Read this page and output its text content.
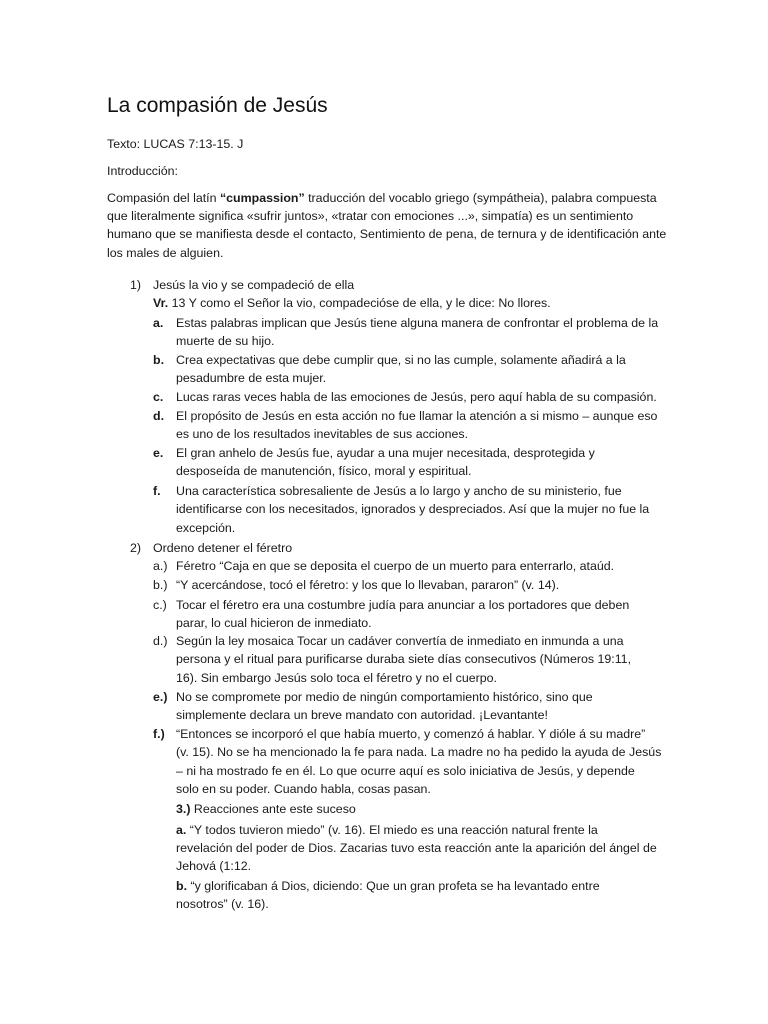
La compasión de Jesús
Texto: LUCAS 7:13-15. J
Introducción:

Compasión del latín “cumpassion” traducción del vocablo griego (sympátheia), palabra compuesta que literalmente significa «sufrir juntos», «tratar con emociones ...», simpatía) es un sentimiento humano que se manifiesta desde el contacto, Sentimiento de pena, de ternura y de identificación ante los males de alguien.

1) Jesús la vio y se compadeció de ella
Vr. 13 Y como el Señor la vio, compadecióse de ella, y le dice: No llores.
a. Estas palabras implican que Jesús tiene alguna manera de confrontar el problema de la
muerte de su hijo.
b. Crea expectativas que debe cumplir que, si no las cumple, solamente añadirá a la
pesadumbre de esta mujer.
c. Lucas raras veces habla de las emociones de Jesús, pero aquí habla de su compasión.
d. El propósito de Jesús en esta acción no fue llamar la atención a si mismo – aunque eso
es uno de los resultados inevitables de sus acciones.
e. El gran anhelo de Jesús fue, ayudar a una mujer necesitada, desprotegida y
desposeída de manutención, físico, moral y espiritual.
f. Una característica sobresaliente de Jesús a lo largo y ancho de su ministerio, fue
identificarse con los necesitados, ignorados y despreciados. Así que la mujer no fue la
excepción.
2) Ordeno detener el féretro
a.) Féretro “Caja en que se deposita el cuerpo de un muerto para enterrarlo, ataúd.
b.) “Y acercándose, tocó el féretro: y los que lo llevaban, pararon” (v. 14).
c.) Tocar el féretro era una costumbre judía para anunciar a los portadores que deben
parar, lo cual hicieron de inmediato.
d.) Según la ley mosaica Tocar un cadáver convertía de inmediato en inmunda a una
persona y el ritual para purificarse duraba siete días consecutivos (Números 19:11,
16). Sin embargo Jesús solo toca el féretro y no el cuerpo.
e.) No se compromete por medio de ningún comportamiento histórico, sino que
simplemente declara un breve mandato con autoridad. ¡Levantante!
f.) “Entonces se incorporó el que había muerto, y comenzó á hablar. Y dióle á su madre”
(v. 15). No se ha mencionado la fe para nada. La madre no ha pedido la ayuda de Jesús
– ni ha mostrado fe en él. Lo que ocurre aquí es solo iniciativa de Jesús, y depende
solo en su poder. Cuando habla, cosas pasan.
3.) Reacciones ante este suceso
a. “Y todos tuvieron miedo” (v. 16). El miedo es una reacción natural frente la
revelación del poder de Dios. Zacarias tuvo esta reacción ante la aparición del ángel de
Jehová (1:12.
b. “y glorificaban á Dios, diciendo: Que un gran profeta se ha levantado entre
nosotros” (v. 16).
